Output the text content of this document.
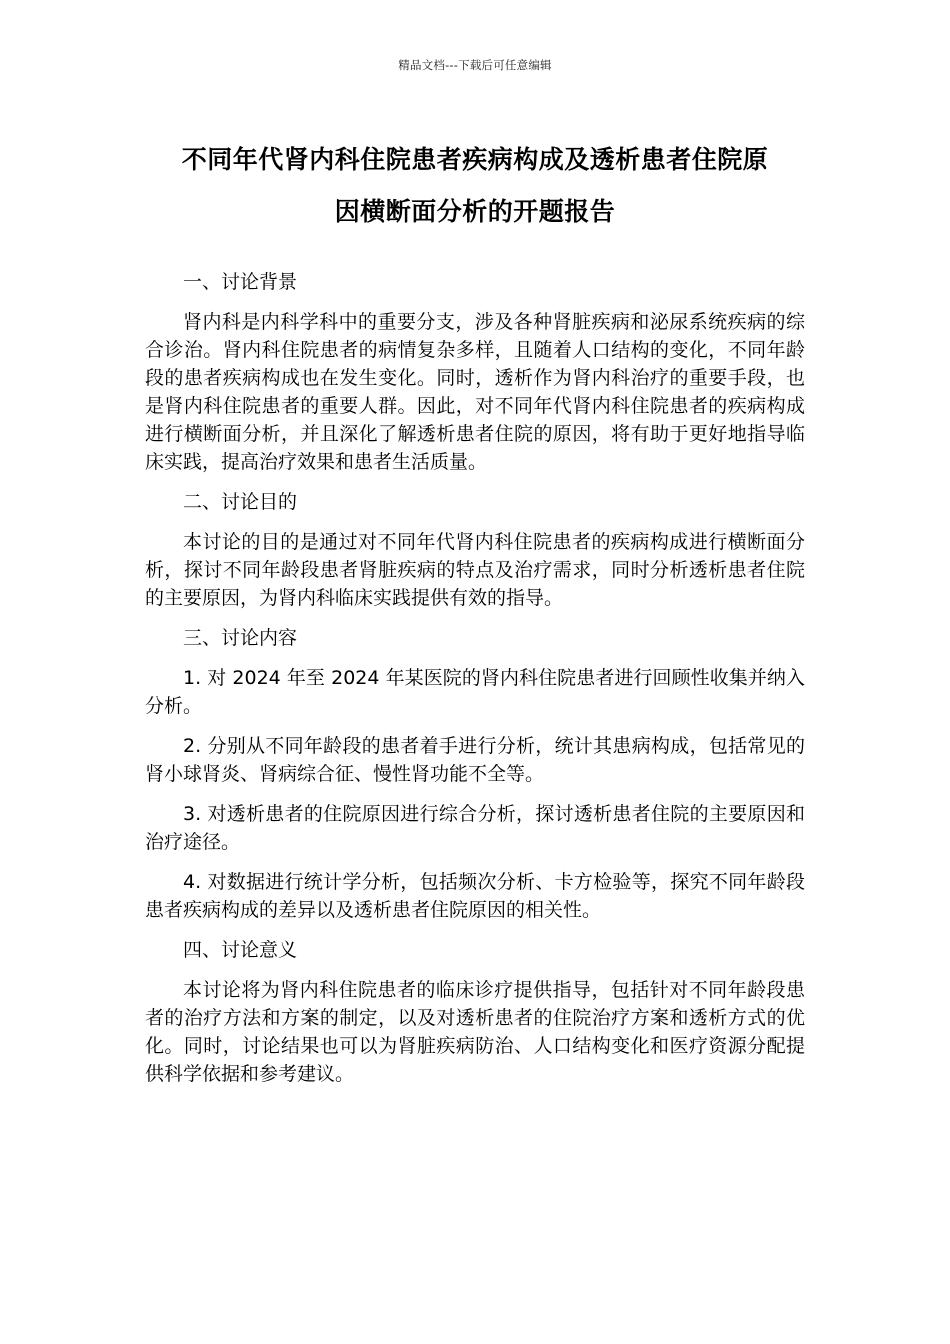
精品文档---下载后可任意编辑
不同年代肾内科住院患者疾病构成及透析患者住院原
因横断面分析的开题报告

一、讨论背景

肾内科是内科学科中的重要分支，涉及各种肾脏疾病和泌尿系统疾病的综合诊治。肾内科住院患者的病情复杂多样，且随着人口结构的变化，不同年龄段的患者疾病构成也在发生变化。同时，透析作为肾内科治疗的重要手段，也是肾内科住院患者的重要人群。因此，对不同年代肾内科住院患者的疾病构成进行横断面分析，并且深化了解透析患者住院的原因，将有助于更好地指导临床实践，提高治疗效果和患者生活质量。

二、讨论目的

本讨论的目的是通过对不同年代肾内科住院患者的疾病构成进行横断面分析，探讨不同年龄段患者肾脏疾病的特点及治疗需求，同时分析透析患者住院的主要原因，为肾内科临床实践提供有效的指导。

三、讨论内容

1. 对 2024 年至 2024 年某医院的肾内科住院患者进行回顾性收集并纳入分析。

2. 分别从不同年龄段的患者着手进行分析，统计其患病构成，包括常见的肾小球肾炎、肾病综合征、慢性肾功能不全等。

3. 对透析患者的住院原因进行综合分析，探讨透析患者住院的主要原因和治疗途径。

4. 对数据进行统计学分析，包括频次分析、卡方检验等，探究不同年龄段患者疾病构成的差异以及透析患者住院原因的相关性。

四、讨论意义

本讨论将为肾内科住院患者的临床诊疗提供指导，包括针对不同年龄段患者的治疗方法和方案的制定，以及对透析患者的住院治疗方案和透析方式的优化。同时，讨论结果也可以为肾脏疾病防治、人口结构变化和医疗资源分配提供科学依据和参考建议。
